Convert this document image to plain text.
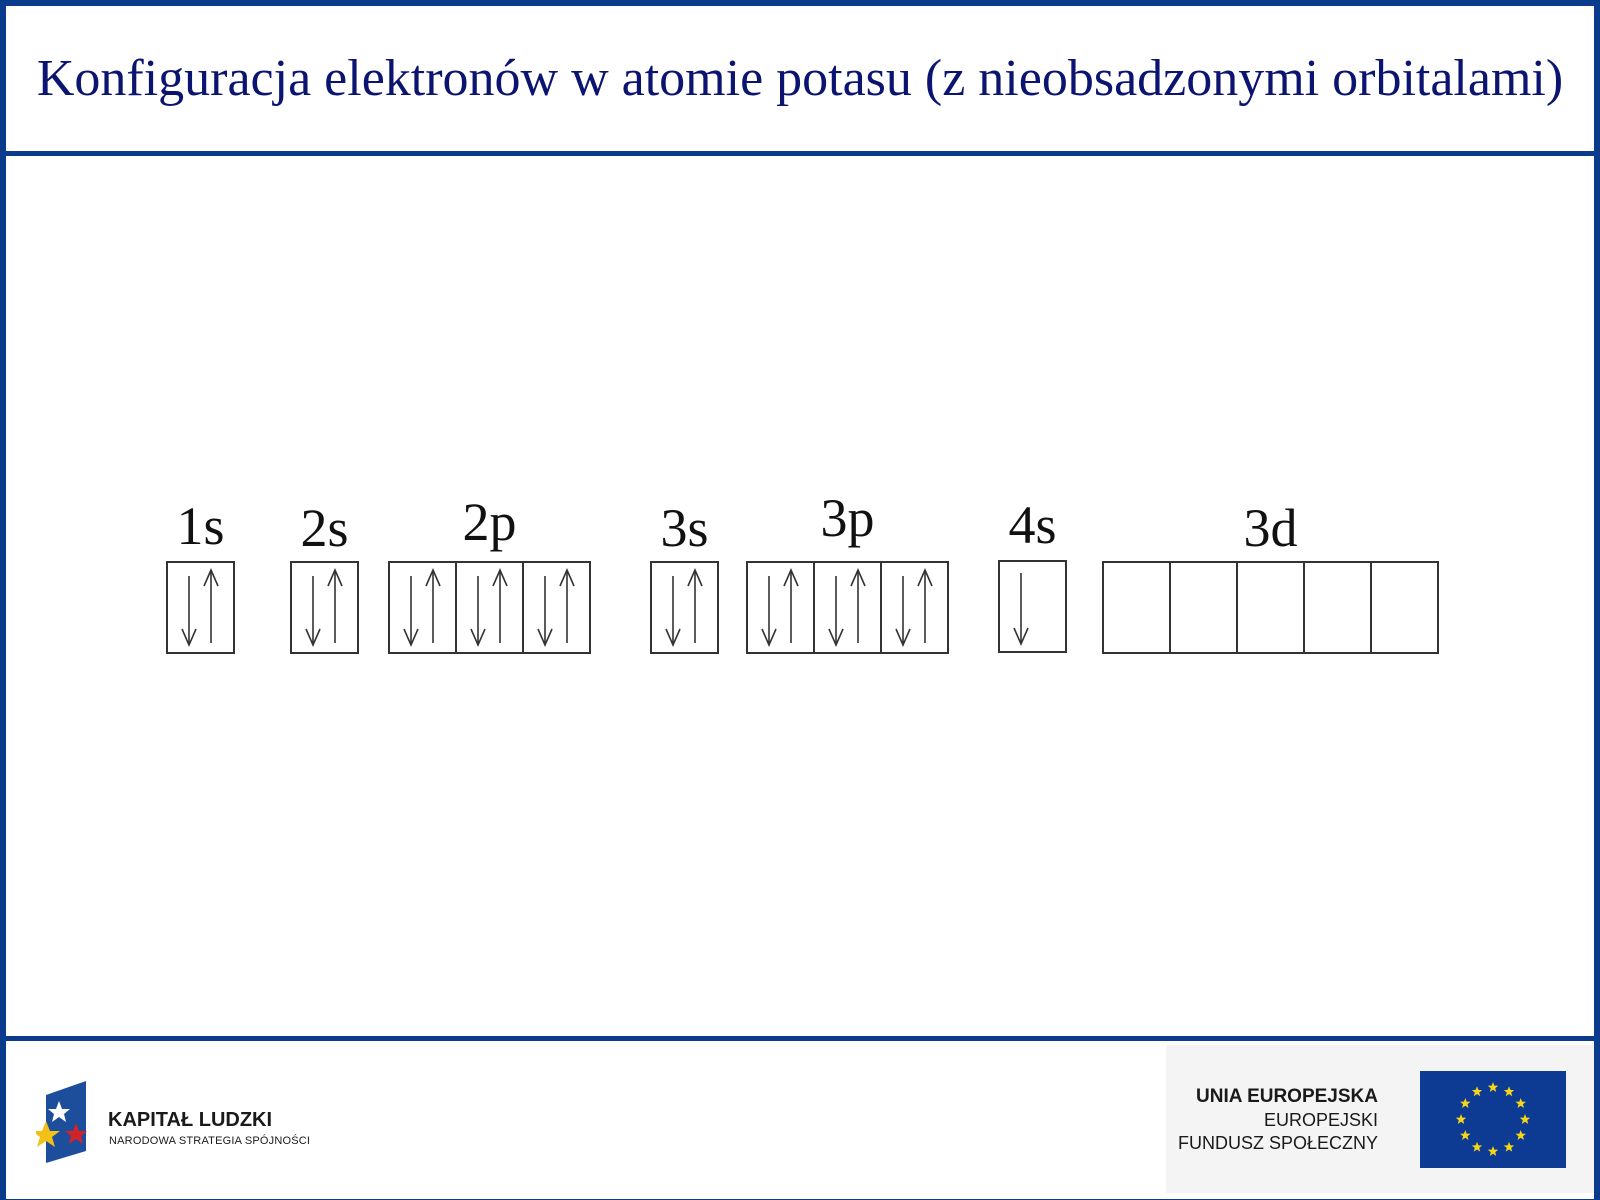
Konfiguracja elektronów w atomie potasu (z nieobsadzonymi orbitalami)
1s 2s 2p	3s 3p 4s	3d
KAPITAŁ LUDZKI
NARODOWA STRATEGIA SPÓJNOŚCI
UNIA EUROPEJSKA
EUROPEJSKI
FUNDUSZ SPOŁECZNY
